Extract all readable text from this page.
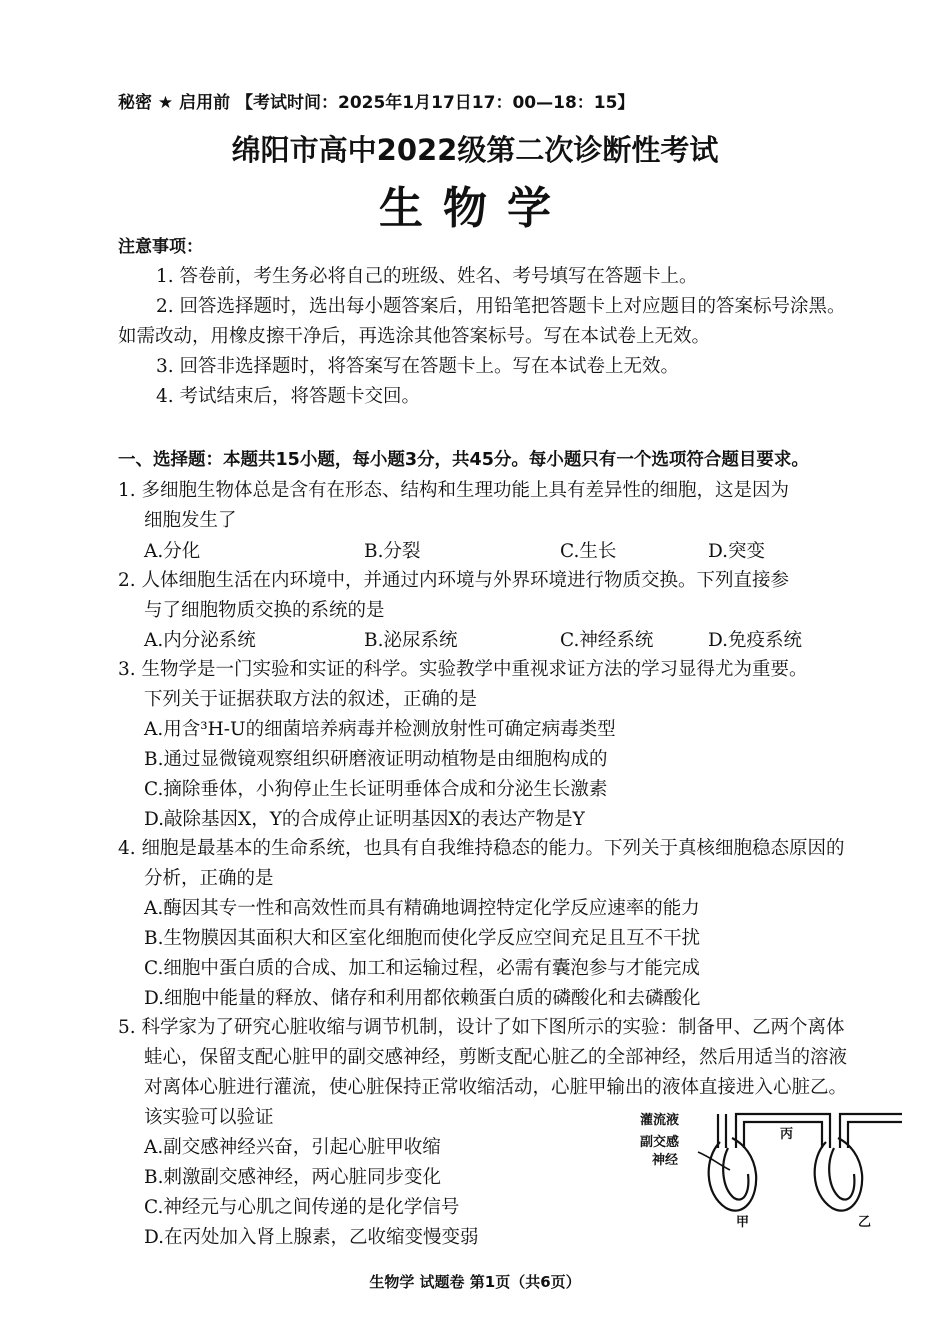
秘密 ★ 启用前 【考试时间：2025年1月17日17：00—18：15】
绵阳市高中2022级第二次诊断性考试
生物学
注意事项：
1. 答卷前，考生务必将自己的班级、姓名、考号填写在答题卡上。
2. 回答选择题时，选出每小题答案后，用铅笔把答题卡上对应题目的答案标号涂黑。
如需改动，用橡皮擦干净后，再选涂其他答案标号。写在本试卷上无效。
3. 回答非选择题时，将答案写在答题卡上。写在本试卷上无效。
4. 考试结束后，将答题卡交回。
一、选择题：本题共15小题，每小题3分，共45分。每小题只有一个选项符合题目要求。
1. 多细胞生物体总是含有在形态、结构和生理功能上具有差异性的细胞，这是因为
细胞发生了
A.分化	B.分裂	C.生长	D.突变
2. 人体细胞生活在内环境中，并通过内环境与外界环境进行物质交换。下列直接参
与了细胞物质交换的系统的是
A.内分泌系统	B.泌尿系统	C.神经系统	D.免疫系统
3. 生物学是一门实验和实证的科学。实验教学中重视求证方法的学习显得尤为重要。
下列关于证据获取方法的叙述，正确的是
A.用含³H-U的细菌培养病毒并检测放射性可确定病毒类型
B.通过显微镜观察组织研磨液证明动植物是由细胞构成的
C.摘除垂体，小狗停止生长证明垂体合成和分泌生长激素
D.敲除基因X，Y的合成停止证明基因X的表达产物是Y
4. 细胞是最基本的生命系统，也具有自我维持稳态的能力。下列关于真核细胞稳态原因的
分析，正确的是
A.酶因其专一性和高效性而具有精确地调控特定化学反应速率的能力
B.生物膜因其面积大和区室化细胞而使化学反应空间充足且互不干扰
C.细胞中蛋白质的合成、加工和运输过程，必需有囊泡参与才能完成
D.细胞中能量的释放、储存和利用都依赖蛋白质的磷酸化和去磷酸化
5. 科学家为了研究心脏收缩与调节机制，设计了如下图所示的实验：制备甲、乙两个离体
蛙心，保留支配心脏甲的副交感神经，剪断支配心脏乙的全部神经，然后用适当的溶液
对离体心脏进行灌流，使心脏保持正常收缩活动，心脏甲输出的液体直接进入心脏乙。
该实验可以验证
A.副交感神经兴奋，引起心脏甲收缩
B.刺激副交感神经，两心脏同步变化
C.神经元与心肌之间传递的是化学信号
D.在丙处加入肾上腺素，乙收缩变慢变弱
灌流液
副交感
神经
丙
甲	乙
生物学 试题卷 第1页（共6页）
